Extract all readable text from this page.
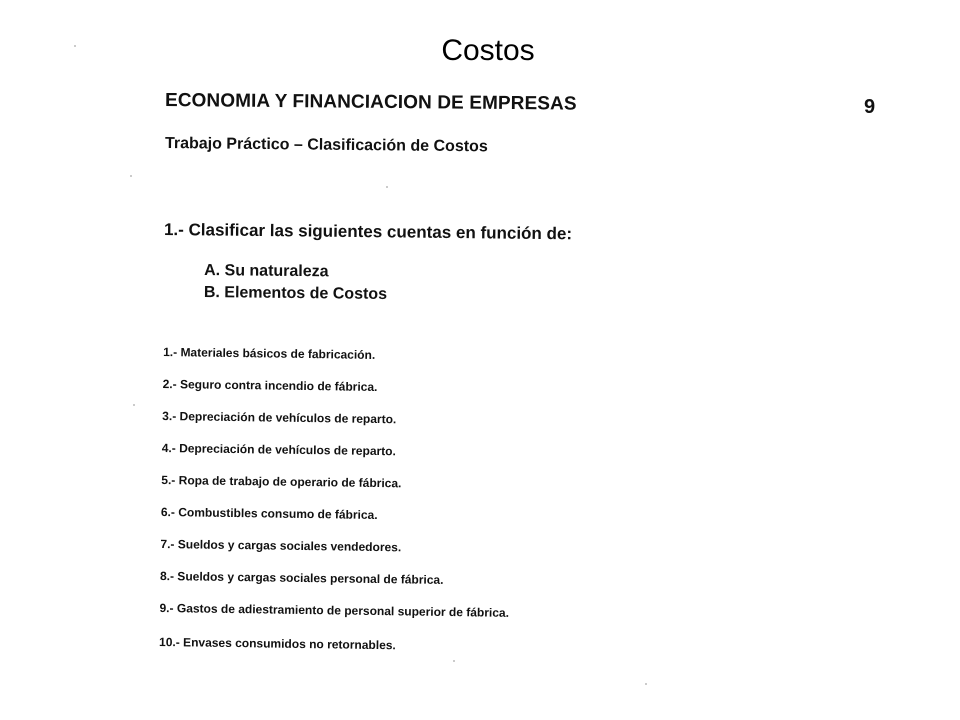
Costos
ECONOMIA Y FINANCIACION DE EMPRESAS	9
Trabajo Práctico – Clasificación de Costos
1.- Clasificar las siguientes cuentas en función de:
A. Su naturaleza
B. Elementos de Costos
1.- Materiales básicos de fabricación.
2.- Seguro contra incendio de fábrica.
3.- Depreciación de vehículos de reparto.
4.- Depreciación de vehículos de reparto.
5.- Ropa de trabajo de operario de fábrica.
6.- Combustibles consumo de fábrica.
7.- Sueldos y cargas sociales vendedores.
8.- Sueldos y cargas sociales personal de fábrica.
9.- Gastos de adiestramiento de personal superior de fábrica.
10.- Envases consumidos no retornables.
